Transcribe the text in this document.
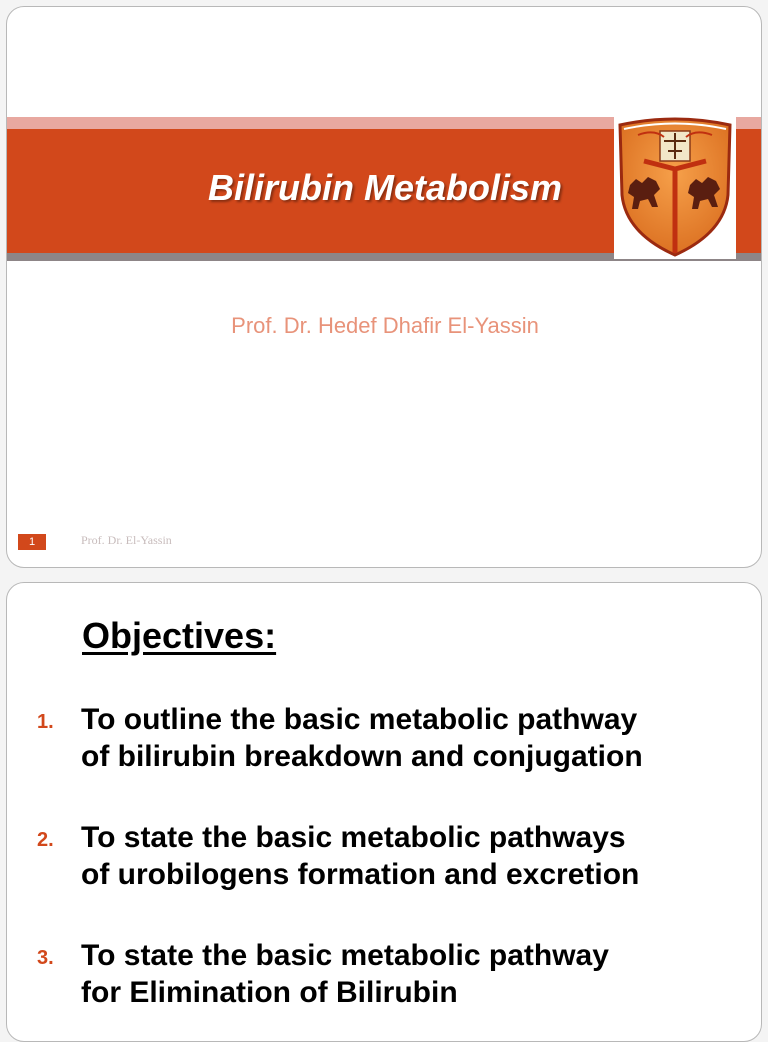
Bilirubin Metabolism
Prof. Dr. Hedef Dhafir El-Yassin
1	Prof. Dr. El-Yassin
Objectives:
1. To outline the basic metabolic pathway
of bilirubin breakdown and conjugation
2. To state the basic metabolic pathways
of urobilogens formation and excretion
3. To state the basic metabolic pathway
for Elimination of Bilirubin
